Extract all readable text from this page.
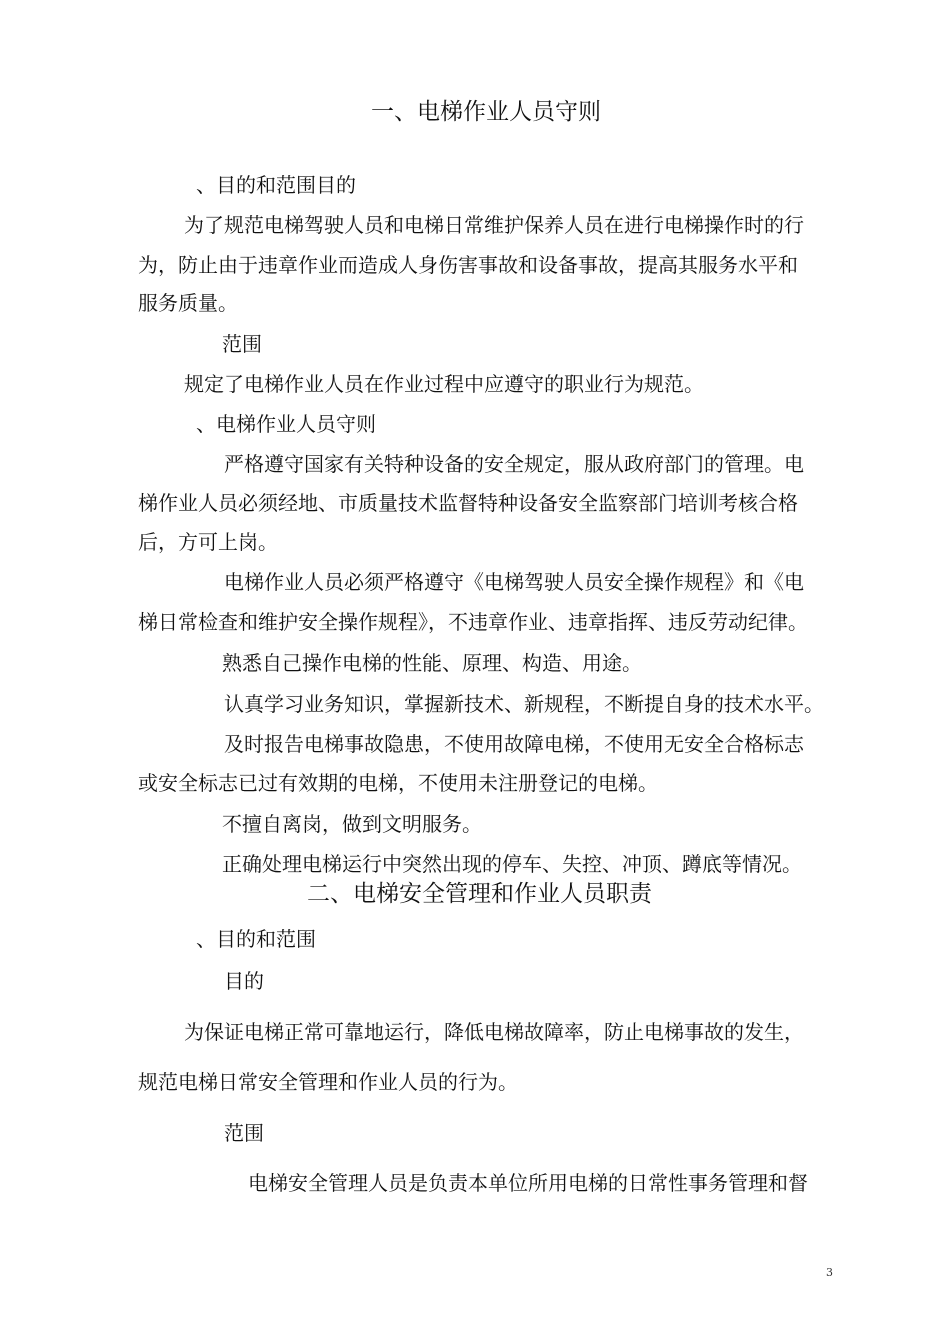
一、电梯作业人员守则
、目的和范围目的
为了规范电梯驾驶人员和电梯日常维护保养人员在进行电梯操作时的行
为，防止由于违章作业而造成人身伤害事故和设备事故，提高其服务水平和
服务质量。
范围
规定了电梯作业人员在作业过程中应遵守的职业行为规范。
、电梯作业人员守则
严格遵守国家有关特种设备的安全规定，服从政府部门的管理。电
梯作业人员必须经地、市质量技术监督特种设备安全监察部门培训考核合格
后，方可上岗。
电梯作业人员必须严格遵守《电梯驾驶人员安全操作规程》和《电
梯日常检查和维护安全操作规程》，不违章作业、违章指挥、违反劳动纪律。
熟悉自己操作电梯的性能、原理、构造、用途。
认真学习业务知识，掌握新技术、新规程，不断提自身的技术水平。
及时报告电梯事故隐患，不使用故障电梯，不使用无安全合格标志
或安全标志已过有效期的电梯，不使用未注册登记的电梯。
不擅自离岗，做到文明服务。
正确处理电梯运行中突然出现的停车、失控、冲顶、蹲底等情况。
二、电梯安全管理和作业人员职责
、目的和范围
目的
为保证电梯正常可靠地运行，降低电梯故障率，防止电梯事故的发生，
规范电梯日常安全管理和作业人员的行为。
范围
电梯安全管理人员是负责本单位所用电梯的日常性事务管理和督
3
